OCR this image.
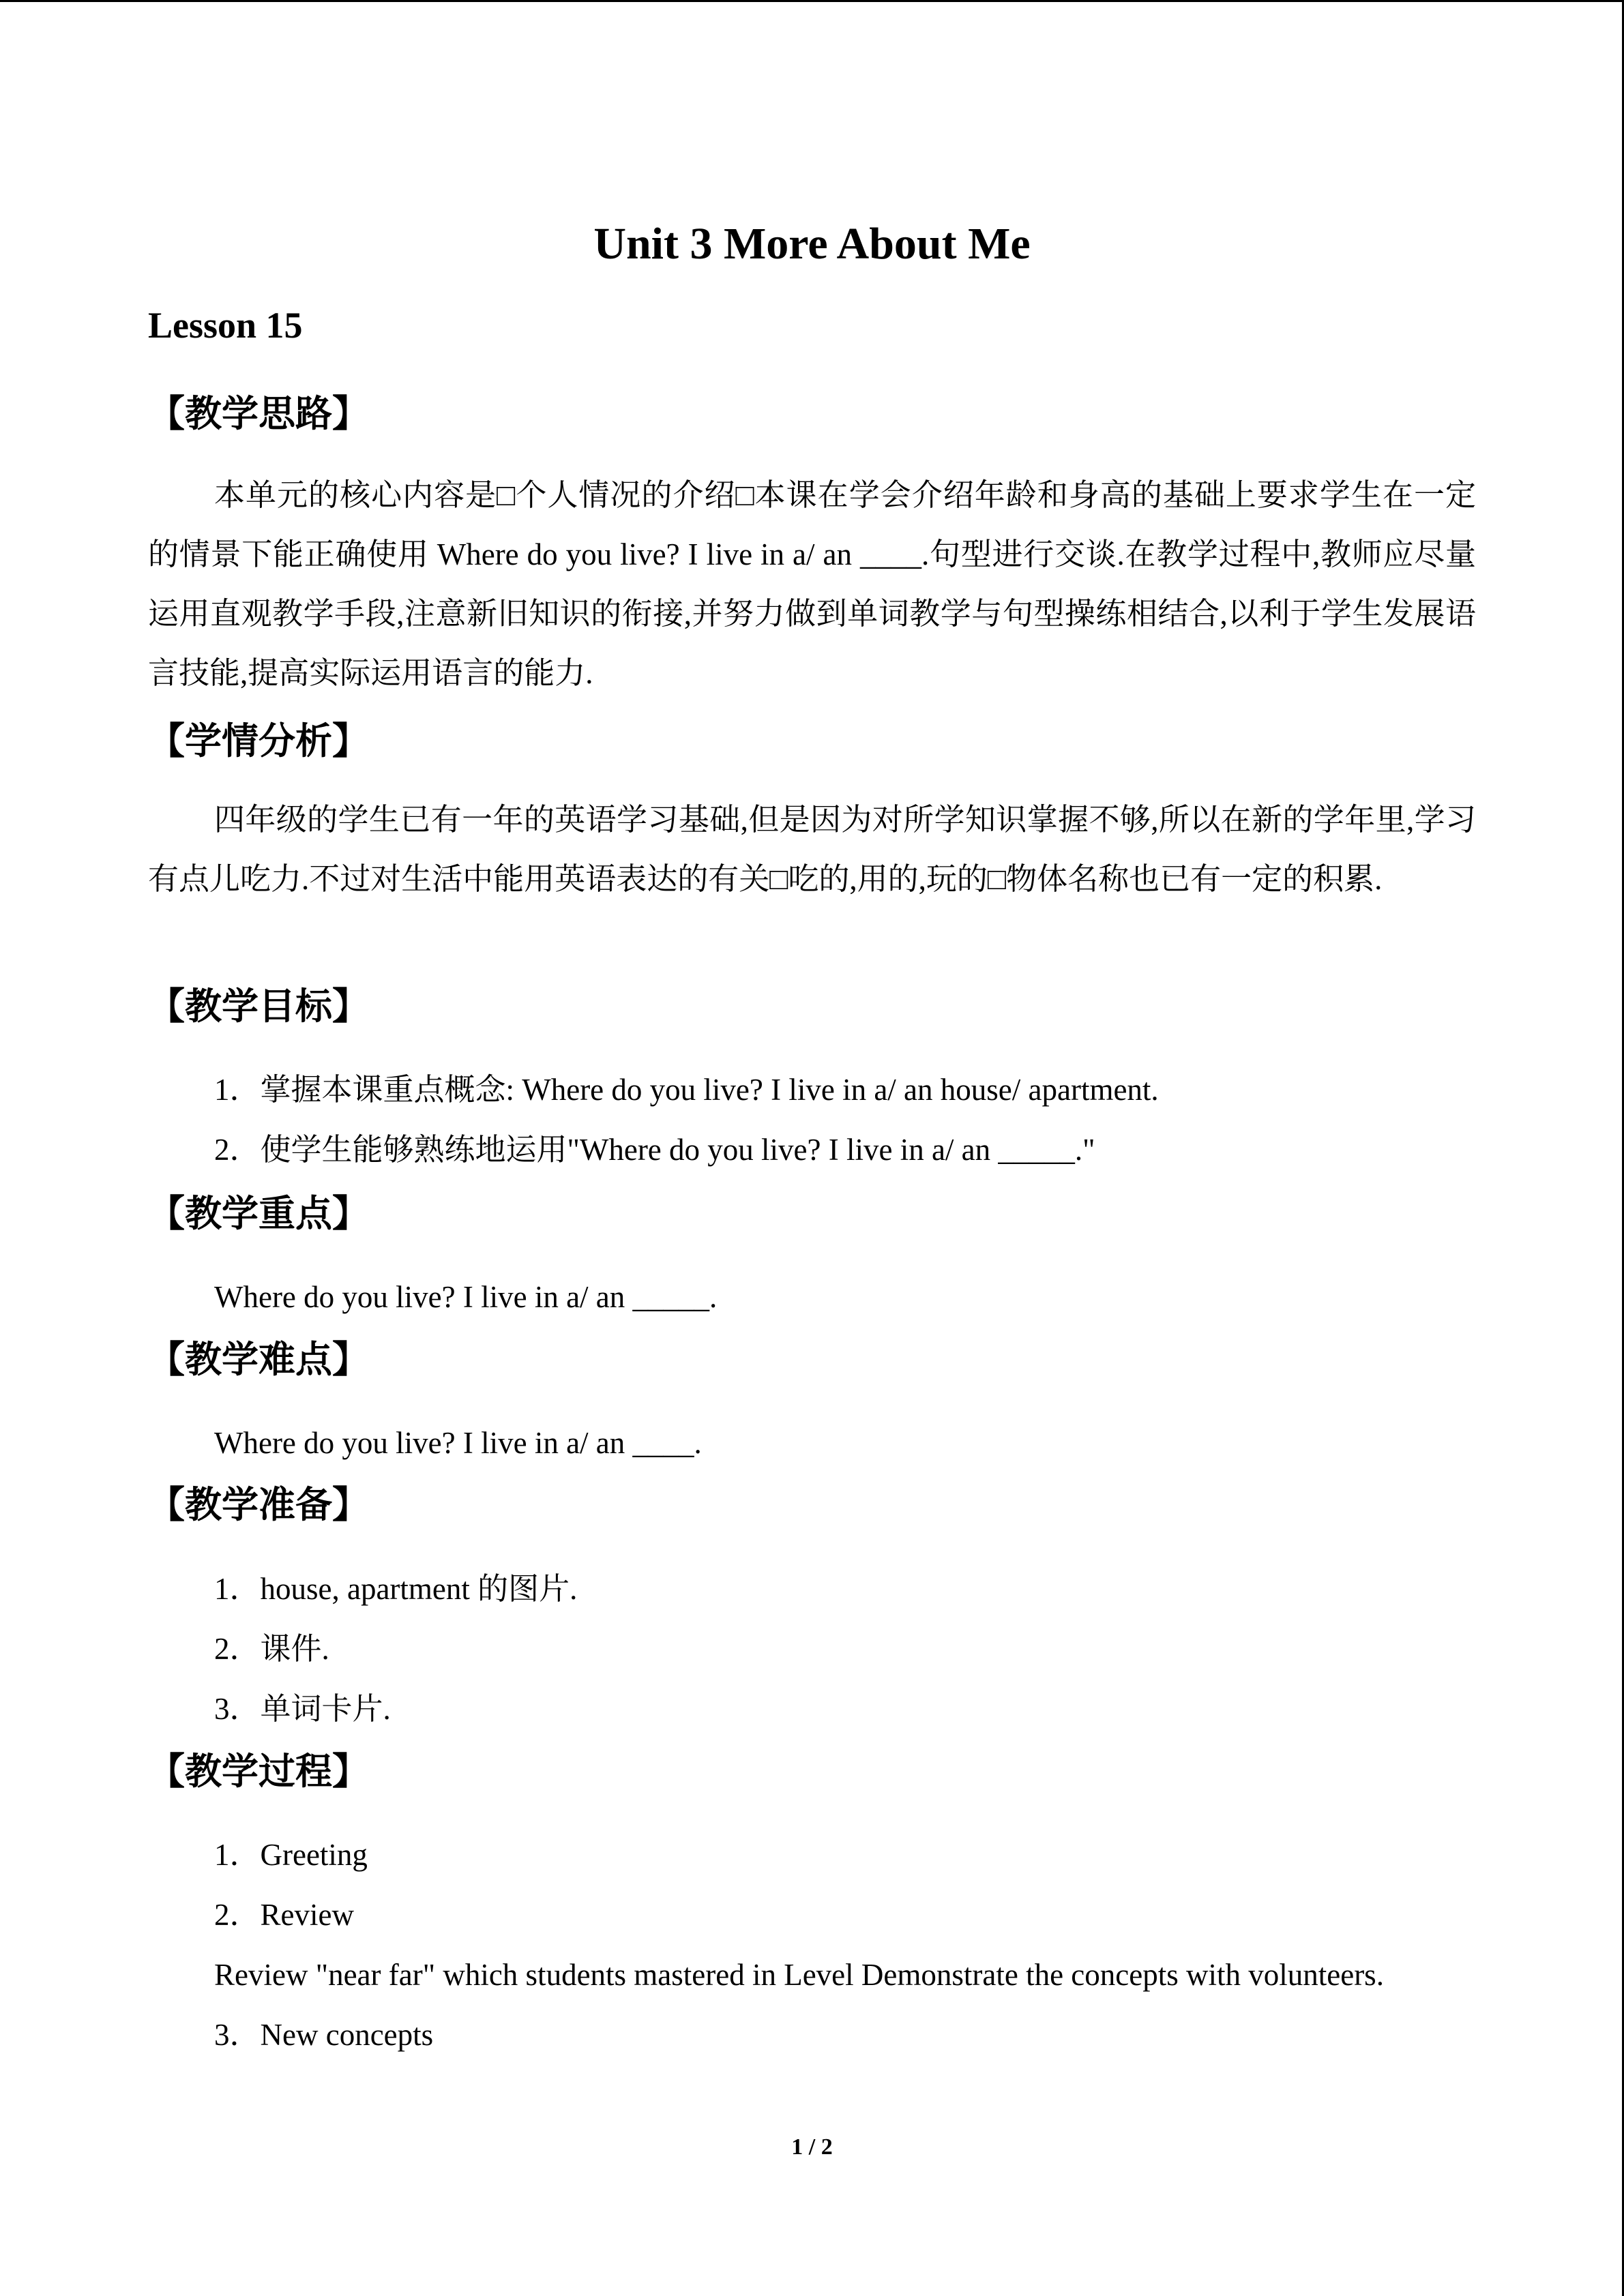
Unit 3 More About Me
Lesson 15
【教学思路】
本单元的核心内容是□个人情况的介绍□本课在学会介绍年龄和身高的基础上要求学生在一定的情景下能正确使用 Where do you live? I live in a/ an ____.句型进行交谈.在教学过程中,教师应尽量运用直观教学手段,注意新旧知识的衔接,并努力做到单词教学与句型操练相结合,以利于学生发展语言技能,提高实际运用语言的能力.
【学情分析】
四年级的学生已有一年的英语学习基础,但是因为对所学知识掌握不够,所以在新的学年里,学习有点儿吃力.不过对生活中能用英语表达的有关□吃的,用的,玩的□物体名称也已有一定的积累.
【教学目标】
1．掌握本课重点概念: Where do you live? I live in a/ an house/ apartment.
2．使学生能够熟练地运用"Where do you live? I live in a/ an _____."
【教学重点】
Where do you live? I live in a/ an _____.
【教学难点】
Where do you live? I live in a/ an ____.
【教学准备】
1．house, apartment 的图片.
2．课件.
3．单词卡片.
【教学过程】
1．Greeting
2．Review
Review "near far" which students mastered in Level Demonstrate the concepts with volunteers.
3．New concepts
1 / 2
